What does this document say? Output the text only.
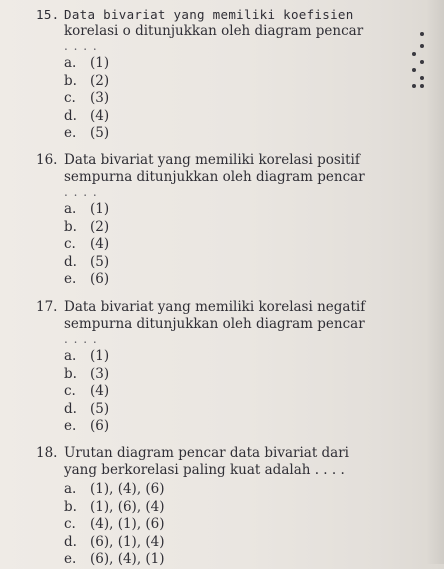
15. Data bivariat yang memiliki koefisien
korelasi o ditunjukkan oleh diagram pencar
. . . .
a.	(1)
b. (2)
c.	(3)
d. (4)
e.	(5)
16. Data bivariat yang memiliki korelasi positif
sempurna ditunjukkan oleh diagram pencar
. . . .
a.	(1)
b. (2)
c.	(4)
d. (5)
e.	(6)
17. Data bivariat yang memiliki korelasi negatif
sempurna ditunjukkan oleh diagram pencar
. . . .
a.	(1)
b. (3)
c.	(4)
d. (5)
e.	(6)
18. Urutan diagram pencar data bivariat dari
yang berkorelasi paling kuat adalah . . . .
a.	(1), (4), (6)
b. (1), (6), (4)
c.	(4), (1), (6)
d. (6), (1), (4)
e.	(6), (4), (1)
